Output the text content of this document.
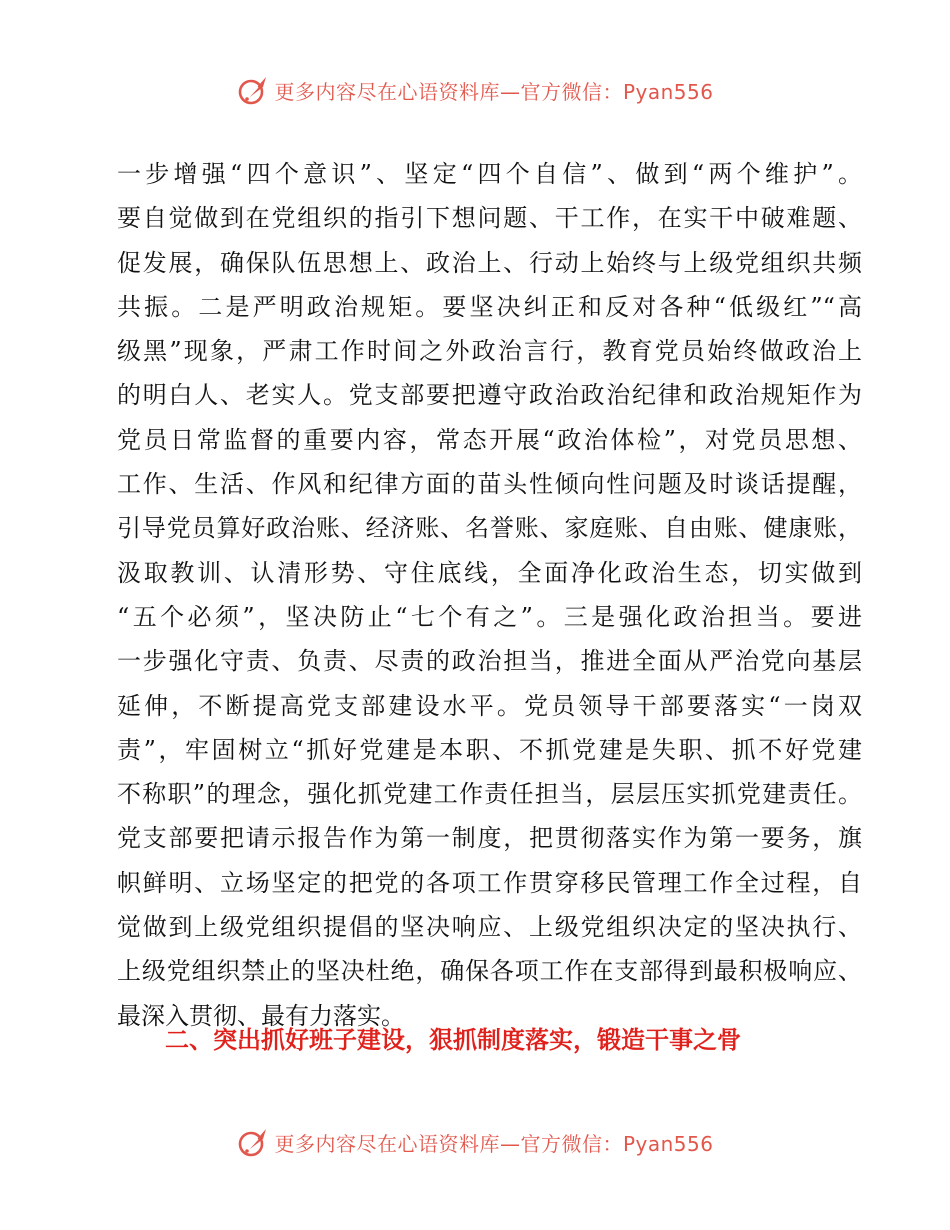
更多内容尽在心语资料库—官方微信：Pyan556
一步增强“四个意识”、坚定“四个自信”、做到“两个维护”。
要自觉做到在党组织的指引下想问题、干工作，在实干中破难题、
促发展，确保队伍思想上、政治上、行动上始终与上级党组织共频
共振。二是严明政治规矩。要坚决纠正和反对各种“低级红”“高
级黑”现象，严肃工作时间之外政治言行，教育党员始终做政治上
的明白人、老实人。党支部要把遵守政治政治纪律和政治规矩作为
党员日常监督的重要内容，常态开展“政治体检”，对党员思想、
工作、生活、作风和纪律方面的苗头性倾向性问题及时谈话提醒，
引导党员算好政治账、经济账、名誉账、家庭账、自由账、健康账，
汲取教训、认清形势、守住底线，全面净化政治生态，切实做到
“五个必须”，坚决防止“七个有之”。三是强化政治担当。要进
一步强化守责、负责、尽责的政治担当，推进全面从严治党向基层
延伸，不断提高党支部建设水平。党员领导干部要落实“一岗双
责”，牢固树立“抓好党建是本职、不抓党建是失职、抓不好党建
不称职”的理念，强化抓党建工作责任担当，层层压实抓党建责任。
党支部要把请示报告作为第一制度，把贯彻落实作为第一要务，旗
帜鲜明、立场坚定的把党的各项工作贯穿移民管理工作全过程，自
觉做到上级党组织提倡的坚决响应、上级党组织决定的坚决执行、
上级党组织禁止的坚决杜绝，确保各项工作在支部得到最积极响应、
最深入贯彻、最有力落实。
二、突出抓好班子建设，狠抓制度落实，锻造干事之骨
更多内容尽在心语资料库—官方微信：Pyan556
